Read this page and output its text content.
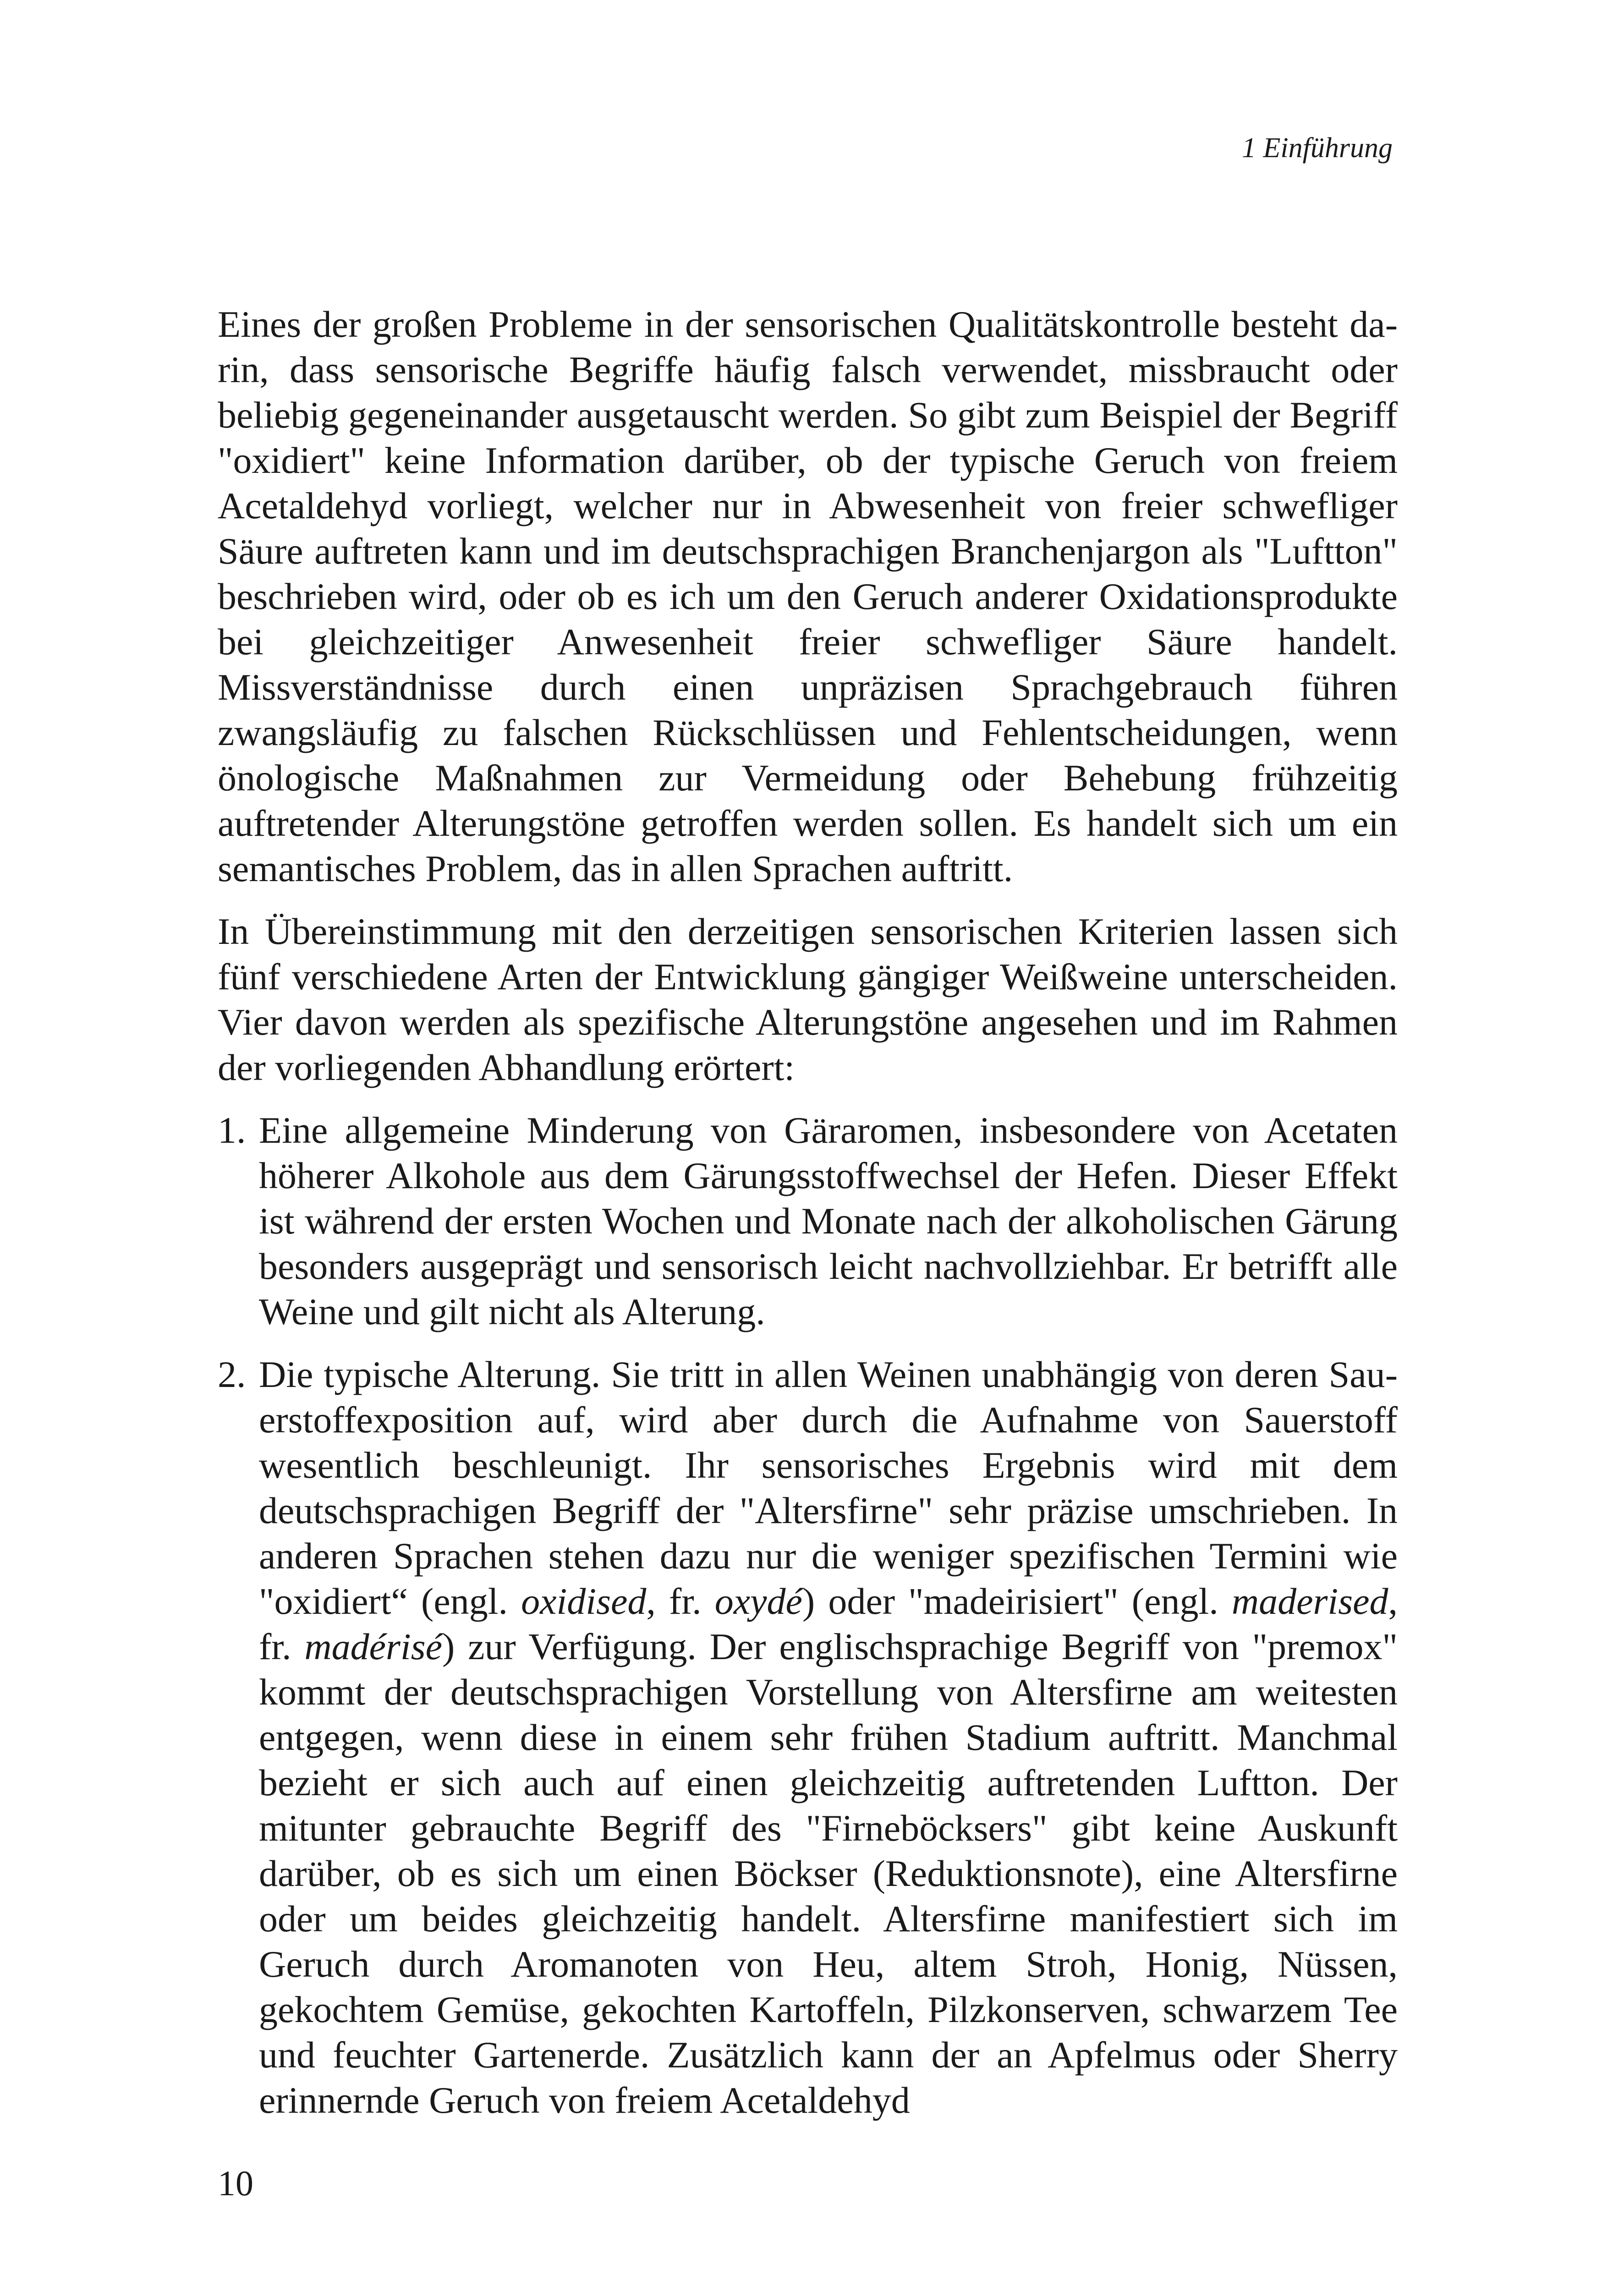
1 Einführung

Eines der großen Probleme in der sensorischen Qualitätskontrolle besteht darin, dass sensorische Begriffe häufig falsch verwendet, missbraucht oder beliebig gegeneinander ausgetauscht werden. So gibt zum Beispiel der Begriff "oxidiert" keine Information darüber, ob der typische Geruch von freiem Acetaldehyd vorliegt, welcher nur in Abwesenheit von freier schwefliger Säure auftreten kann und im deutschsprachigen Branchenjargon als "Luftton" beschrieben wird, oder ob es ich um den Geruch anderer Oxidationsprodukte bei gleichzeitiger Anwesenheit freier schwefliger Säure handelt. Missverständnisse durch einen unpräzisen Sprachgebrauch führen zwangsläufig zu falschen Rückschlüssen und Fehlentscheidungen, wenn önologische Maßnahmen zur Vermeidung oder Behebung frühzeitig auftretender Alterungstöne getroffen werden sollen. Es handelt sich um ein semantisches Problem, das in allen Sprachen auftritt.

In Übereinstimmung mit den derzeitigen sensorischen Kriterien lassen sich fünf verschiedene Arten der Entwicklung gängiger Weißweine unterscheiden. Vier davon werden als spezifische Alterungstöne angesehen und im Rahmen der vorliegenden Abhandlung erörtert:

1. Eine allgemeine Minderung von Gäraromen, insbesondere von Acetaten höherer Alkohole aus dem Gärungsstoffwechsel der Hefen. Dieser Effekt ist während der ersten Wochen und Monate nach der alkoholischen Gärung besonders ausgeprägt und sensorisch leicht nachvollziehbar. Er betrifft alle Weine und gilt nicht als Alterung.
2. Die typische Alterung. Sie tritt in allen Weinen unabhängig von deren Sauerstoffexposition auf, wird aber durch die Aufnahme von Sauerstoff wesentlich beschleunigt. Ihr sensorisches Ergebnis wird mit dem deutschsprachigen Begriff der "Altersfirne" sehr präzise umschrieben. In anderen Sprachen stehen dazu nur die weniger spezifischen Termini wie "oxidiert“ (engl. oxidised, fr. oxydé) oder "madeirisiert" (engl. maderised, fr. madérisé) zur Verfügung. Der englischsprachige Begriff von "premox" kommt der deutschsprachigen Vorstellung von Altersfirne am weitesten entgegen, wenn diese in einem sehr frühen Stadium auftritt. Manchmal bezieht er sich auch auf einen gleichzeitig auftretenden Luftton. Der mitunter gebrauchte Begriff des "Firneböcksers" gibt keine Auskunft darüber, ob es sich um einen Böckser (Reduktionsnote), eine Altersfirne oder um beides gleichzeitig handelt. Altersfirne manifestiert sich im Geruch durch Aromanoten von Heu, altem Stroh, Honig, Nüssen, gekochtem Gemüse, gekochten Kartoffeln, Pilzkonserven, schwarzem Tee und feuchter Gartenerde. Zusätzlich kann der an Apfelmus oder Sherry erinnernde Geruch von freiem Acetaldehyd
10
